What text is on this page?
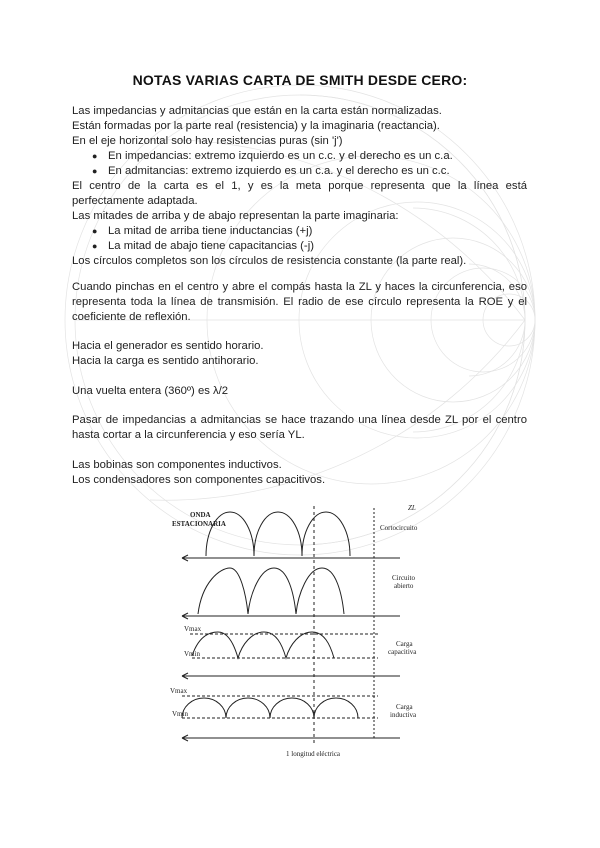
NOTAS VARIAS CARTA DE SMITH DESDE CERO:
Las impedancias y admitancias que están en la carta están normalizadas.
Están formadas por la parte real (resistencia) y la imaginaria (reactancia).
En el eje horizontal solo hay resistencias puras (sin 'j')
● En impedancias: extremo izquierdo es un c.c. y el derecho es un c.a.
● En admitancias: extremo izquierdo es un c.a. y el derecho es un c.c.
El centro de la carta es el 1, y es la meta porque representa que la línea está perfectamente adaptada.
Las mitades de arriba y de abajo representan la parte imaginaria:
● La mitad de arriba tiene inductancias (+j)
● La mitad de abajo tiene capacitancias (-j)
Los círculos completos son los círculos de resistencia constante (la parte real).
Cuando pinchas en el centro y abre el compás hasta la ZL y haces la circunferencia, eso representa toda la línea de transmisión. El radio de ese círculo representa la ROE y el coeficiente de reflexión.
Hacia el generador es sentido horario.
Hacia la carga es sentido antihorario.
Una vuelta entera (360º) es λ/2
Pasar de impedancias a admitancias se hace trazando una línea desde ZL por el centro hasta cortar a la circunferencia y eso sería YL.
Las bobinas son componentes inductivos.
Los condensadores son componentes capacitivos.
ONDA
ESTACIONARIA
ZL
Cortocircuito
Circuito
abierto
Carga
capacitiva
Carga
inductiva
Vmax
Vmin
Vmax
Vmin
1 longitud eléctrica
